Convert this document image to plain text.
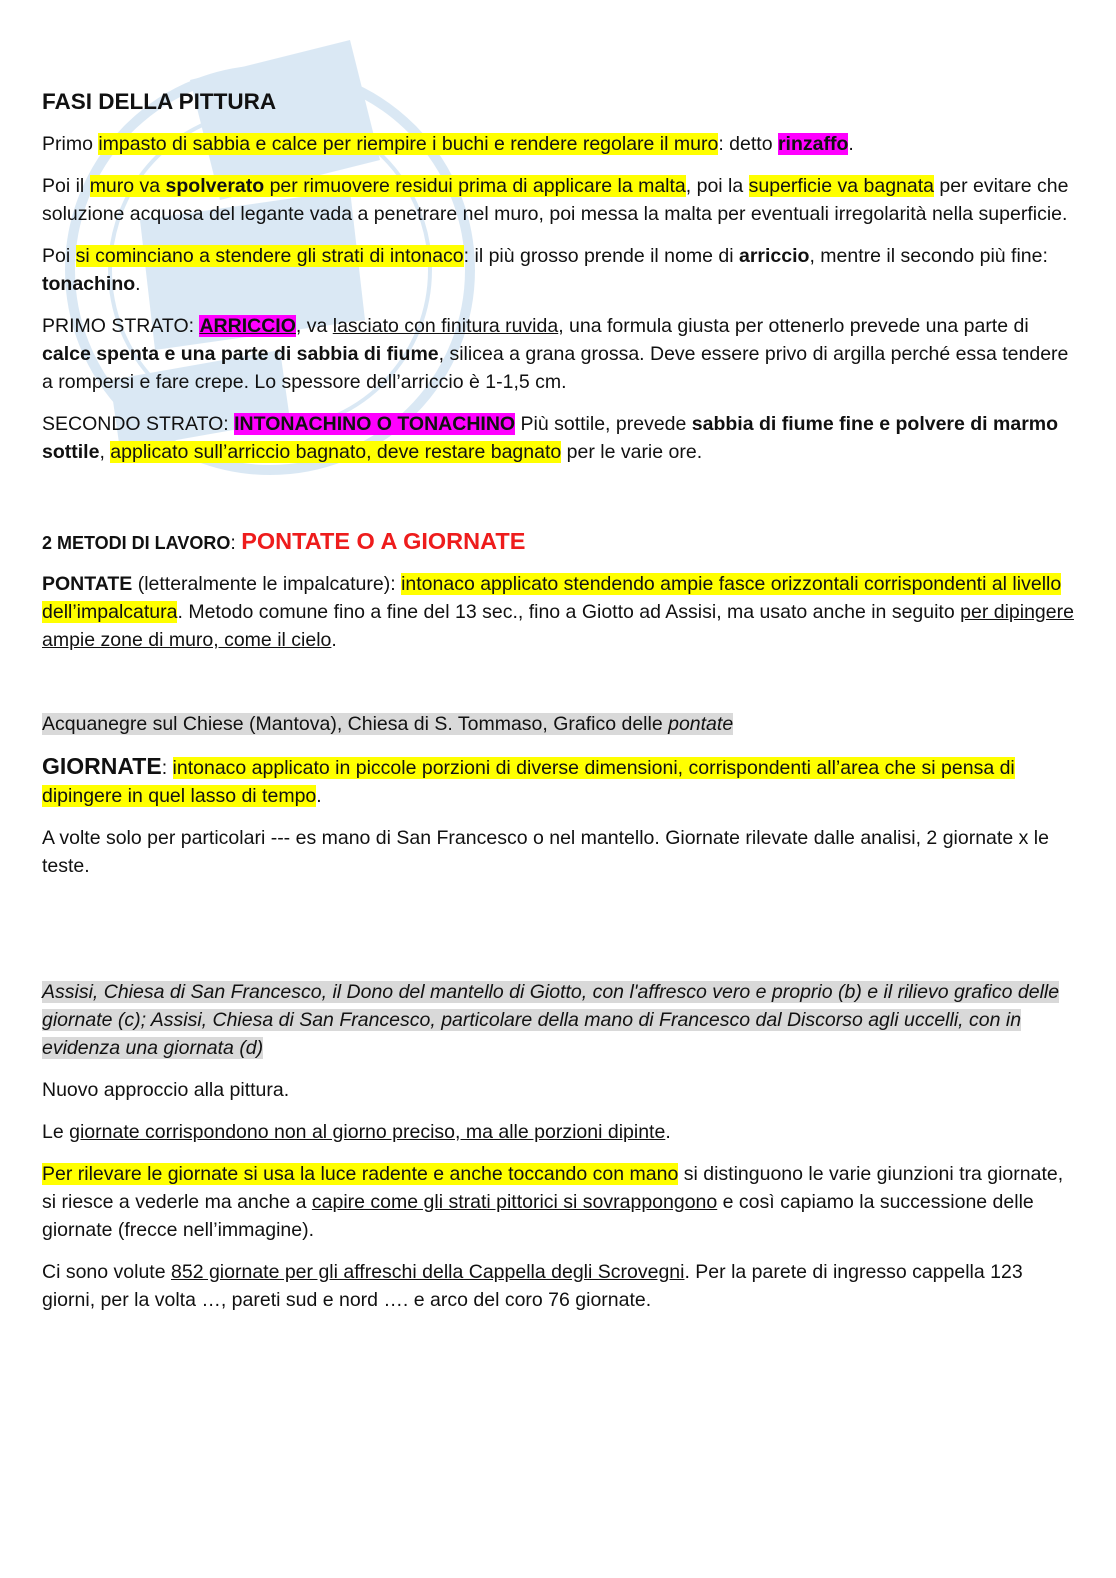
FASI DELLA PITTURA

Primo impasto di sabbia e calce per riempire i buchi e rendere regolare il muro: detto rinzaffo.

Poi il muro va spolverato per rimuovere residui prima di applicare la malta, poi la superficie va bagnata per evitare che soluzione acquosa del legante vada a penetrare nel muro, poi messa la malta per eventuali irregolarità nella superficie.

Poi si cominciano a stendere gli strati di intonaco: il più grosso prende il nome di arriccio, mentre il secondo più fine: tonachino.

PRIMO STRATO: ARRICCIO, va lasciato con finitura ruvida, una formula giusta per ottenerlo prevede una parte di calce spenta e una parte di sabbia di fiume, silicea a grana grossa. Deve essere privo di argilla perché essa tendere a rompersi e fare crepe. Lo spessore dell’arriccio è 1-1,5 cm.

SECONDO STRATO: INTONACHINO O TONACHINO Più sottile, prevede sabbia di fiume fine e polvere di marmo sottile, applicato sull’arriccio bagnato, deve restare bagnato per le varie ore.

2 METODI DI LAVORO: PONTATE O A GIORNATE

PONTATE (letteralmente le impalcature): intonaco applicato stendendo ampie fasce orizzontali corrispondenti al livello dell’impalcatura. Metodo comune fino a fine del 13 sec., fino a Giotto ad Assisi, ma usato anche in seguito per dipingere ampie zone di muro, come il cielo.

Acquanegre sul Chiese (Mantova), Chiesa di S. Tommaso, Grafico delle pontate

GIORNATE: intonaco applicato in piccole porzioni di diverse dimensioni, corrispondenti all’area che si pensa di dipingere in quel lasso di tempo.

A volte solo per particolari --- es mano di San Francesco o nel mantello. Giornate rilevate dalle analisi, 2 giornate x le teste.

Assisi, Chiesa di San Francesco, il Dono del mantello di Giotto, con l'affresco vero e proprio (b) e il rilievo grafico delle giornate (c); Assisi, Chiesa di San Francesco, particolare della mano di Francesco dal Discorso agli uccelli, con in evidenza una giornata (d)

Nuovo approccio alla pittura.

Le giornate corrispondono non al giorno preciso, ma alle porzioni dipinte.

Per rilevare le giornate si usa la luce radente e anche toccando con mano si distinguono le varie giunzioni tra giornate, si riesce a vederle ma anche a capire come gli strati pittorici si sovrappongono e così capiamo la successione delle giornate (frecce nell’immagine).

Ci sono volute 852 giornate per gli affreschi della Cappella degli Scrovegni. Per la parete di ingresso cappella 123 giorni, per la volta …, pareti sud e nord …. e arco del coro 76 giornate.
